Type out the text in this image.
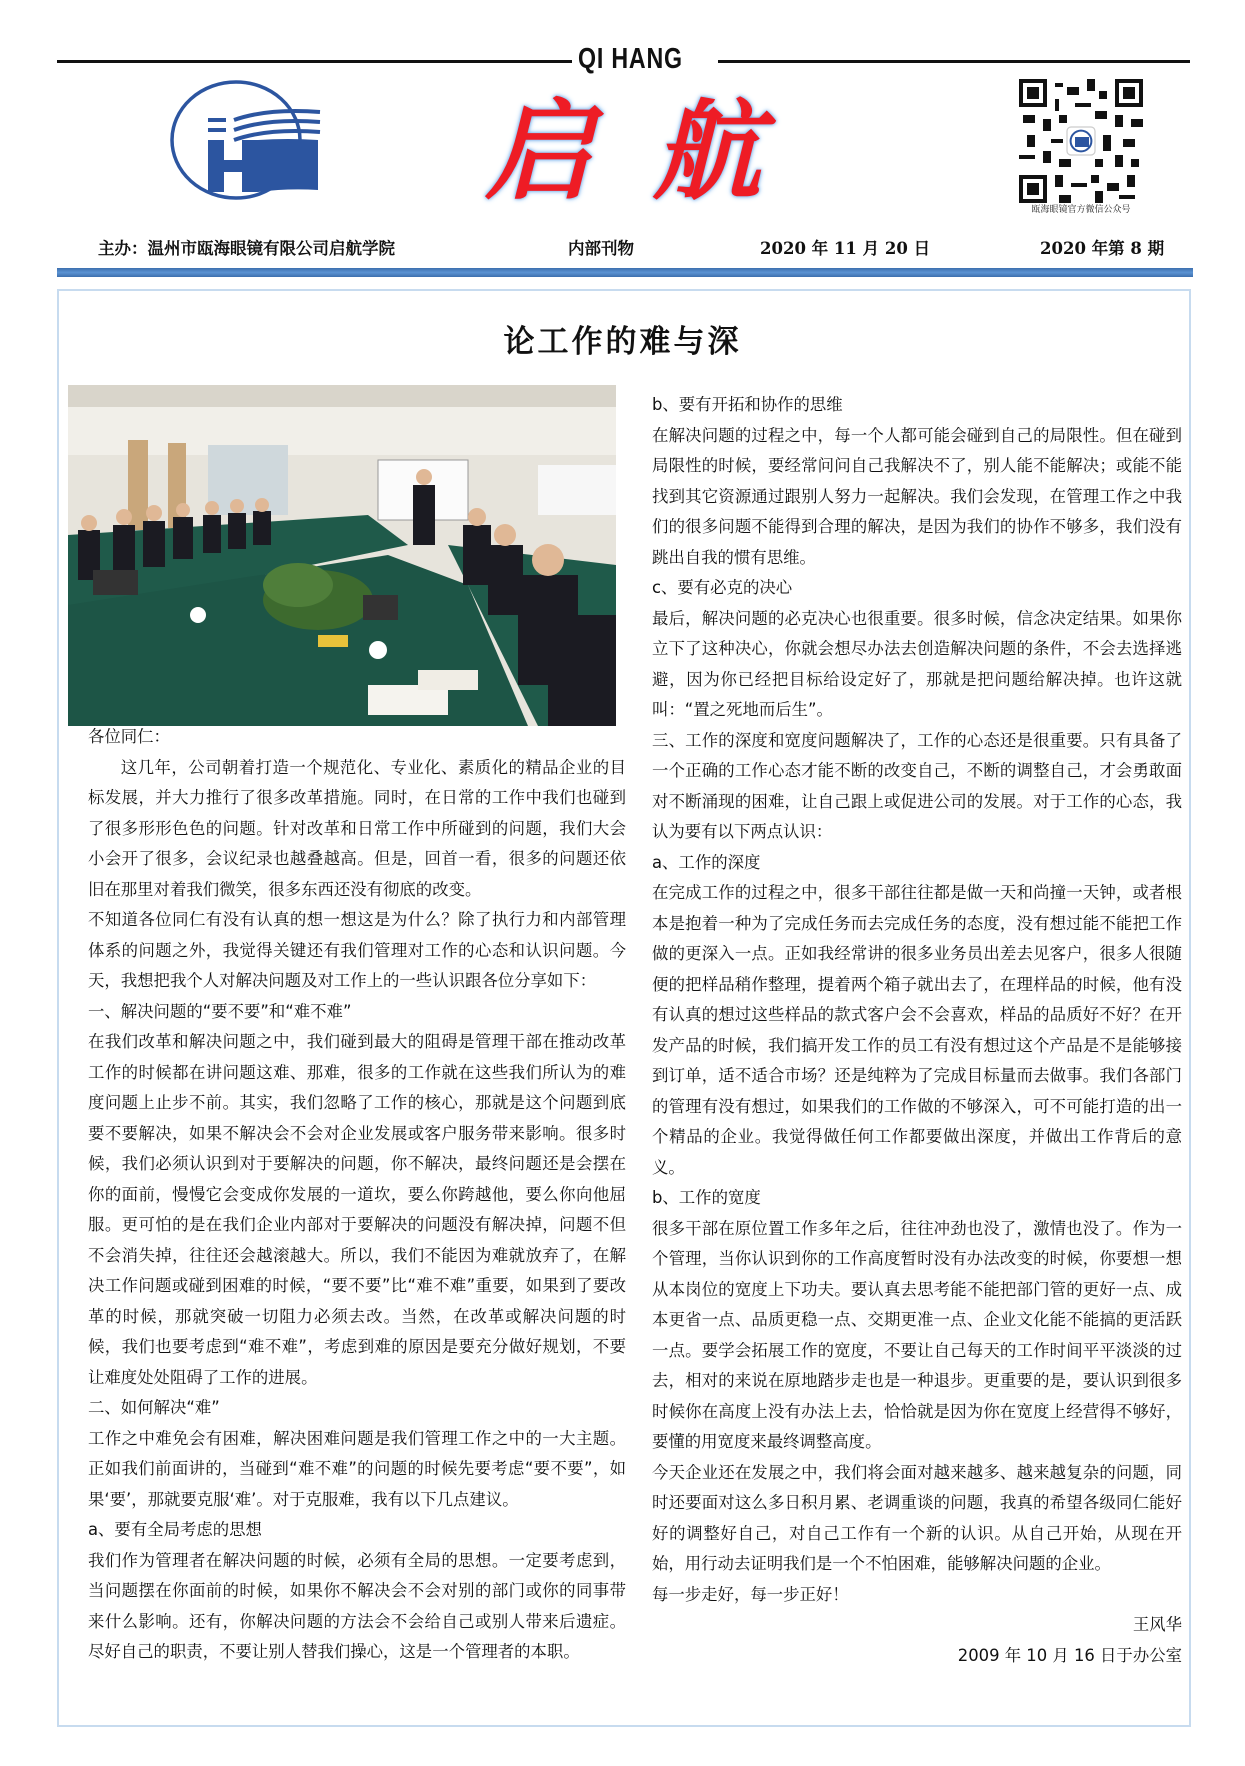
QI HANG
启航	瓯海眼镜官方微信公众号
主办：温州市瓯海眼镜有限公司启航学院	内部刊物	2020 年 11 月 20 日	2020 年第 8 期
论工作的难与深

各位同仁：

这几年，公司朝着打造一个规范化、专业化、素质化的精品企业的目标发展，并大力推行了很多改革措施。同时，在日常的工作中我们也碰到了很多形形色色的问题。针对改革和日常工作中所碰到的问题，我们大会小会开了很多，会议纪录也越叠越高。但是，回首一看，很多的问题还依旧在那里对着我们微笑，很多东西还没有彻底的改变。

不知道各位同仁有没有认真的想一想这是为什么？除了执行力和内部管理体系的问题之外，我觉得关键还有我们管理对工作的心态和认识问题。今天，我想把我个人对解决问题及对工作上的一些认识跟各位分享如下：

一、解决问题的“要不要”和“难不难”

在我们改革和解决问题之中，我们碰到最大的阻碍是管理干部在推动改革工作的时候都在讲问题这难、那难，很多的工作就在这些我们所认为的难度问题上止步不前。其实，我们忽略了工作的核心，那就是这个问题到底要不要解决，如果不解决会不会对企业发展或客户服务带来影响。很多时候，我们必须认识到对于要解决的问题，你不解决，最终问题还是会摆在你的面前，慢慢它会变成你发展的一道坎，要么你跨越他，要么你向他屈服。更可怕的是在我们企业内部对于要解决的问题没有解决掉，问题不但不会消失掉，往往还会越滚越大。所以，我们不能因为难就放弃了，在解决工作问题或碰到困难的时候，“要不要”比“难不难”重要，如果到了要改革的时候，那就突破一切阻力必须去改。当然，在改革或解决问题的时候，我们也要考虑到“难不难”，考虑到难的原因是要充分做好规划，不要让难度处处阻碍了工作的进展。

二、如何解决“难”

工作之中难免会有困难，解决困难问题是我们管理工作之中的一大主题。正如我们前面讲的，当碰到“难不难”的问题的时候先要考虑“要不要”，如果‘要’，那就要克服‘难’。对于克服难，我有以下几点建议。

a、要有全局考虑的思想

我们作为管理者在解决问题的时候，必须有全局的思想。一定要考虑到，当问题摆在你面前的时候，如果你不解决会不会对别的部门或你的同事带来什么影响。还有，你解决问题的方法会不会给自己或别人带来后遗症。尽好自己的职责，不要让别人替我们操心，这是一个管理者的本职。

b、要有开拓和协作的思维

在解决问题的过程之中，每一个人都可能会碰到自己的局限性。但在碰到局限性的时候，要经常问问自己我解决不了，别人能不能解决；或能不能找到其它资源通过跟别人努力一起解决。我们会发现，在管理工作之中我们的很多问题不能得到合理的解决，是因为我们的协作不够多，我们没有跳出自我的惯有思维。

c、要有必克的决心

最后，解决问题的必克决心也很重要。很多时候，信念决定结果。如果你立下了这种决心，你就会想尽办法去创造解决问题的条件，不会去选择逃避，因为你已经把目标给设定好了，那就是把问题给解决掉。也许这就叫：“置之死地而后生”。

三、工作的深度和宽度问题解决了，工作的心态还是很重要。只有具备了一个正确的工作心态才能不断的改变自己，不断的调整自己，才会勇敢面对不断涌现的困难，让自己跟上或促进公司的发展。对于工作的心态，我认为要有以下两点认识：

a、工作的深度

在完成工作的过程之中，很多干部往往都是做一天和尚撞一天钟，或者根本是抱着一种为了完成任务而去完成任务的态度，没有想过能不能把工作做的更深入一点。正如我经常讲的很多业务员出差去见客户，很多人很随便的把样品稍作整理，提着两个箱子就出去了，在理样品的时候，他有没有认真的想过这些样品的款式客户会不会喜欢，样品的品质好不好？在开发产品的时候，我们搞开发工作的员工有没有想过这个产品是不是能够接到订单，适不适合市场？还是纯粹为了完成目标量而去做事。我们各部门的管理有没有想过，如果我们的工作做的不够深入，可不可能打造的出一个精品的企业。我觉得做任何工作都要做出深度，并做出工作背后的意义。

b、工作的宽度

很多干部在原位置工作多年之后，往往冲劲也没了，激情也没了。作为一个管理，当你认识到你的工作高度暂时没有办法改变的时候，你要想一想从本岗位的宽度上下功夫。要认真去思考能不能把部门管的更好一点、成本更省一点、品质更稳一点、交期更准一点、企业文化能不能搞的更活跃一点。要学会拓展工作的宽度，不要让自己每天的工作时间平平淡淡的过去，相对的来说在原地踏步走也是一种退步。更重要的是，要认识到很多时候你在高度上没有办法上去，恰恰就是因为你在宽度上经营得不够好，要懂的用宽度来最终调整高度。

今天企业还在发展之中，我们将会面对越来越多、越来越复杂的问题，同时还要面对这么多日积月累、老调重谈的问题，我真的希望各级同仁能好好的调整好自己，对自己工作有一个新的认识。从自己开始，从现在开始，用行动去证明我们是一个不怕困难，能够解决问题的企业。

每一步走好，每一步正好！

王风华

2009 年 10 月 16 日于办公室
